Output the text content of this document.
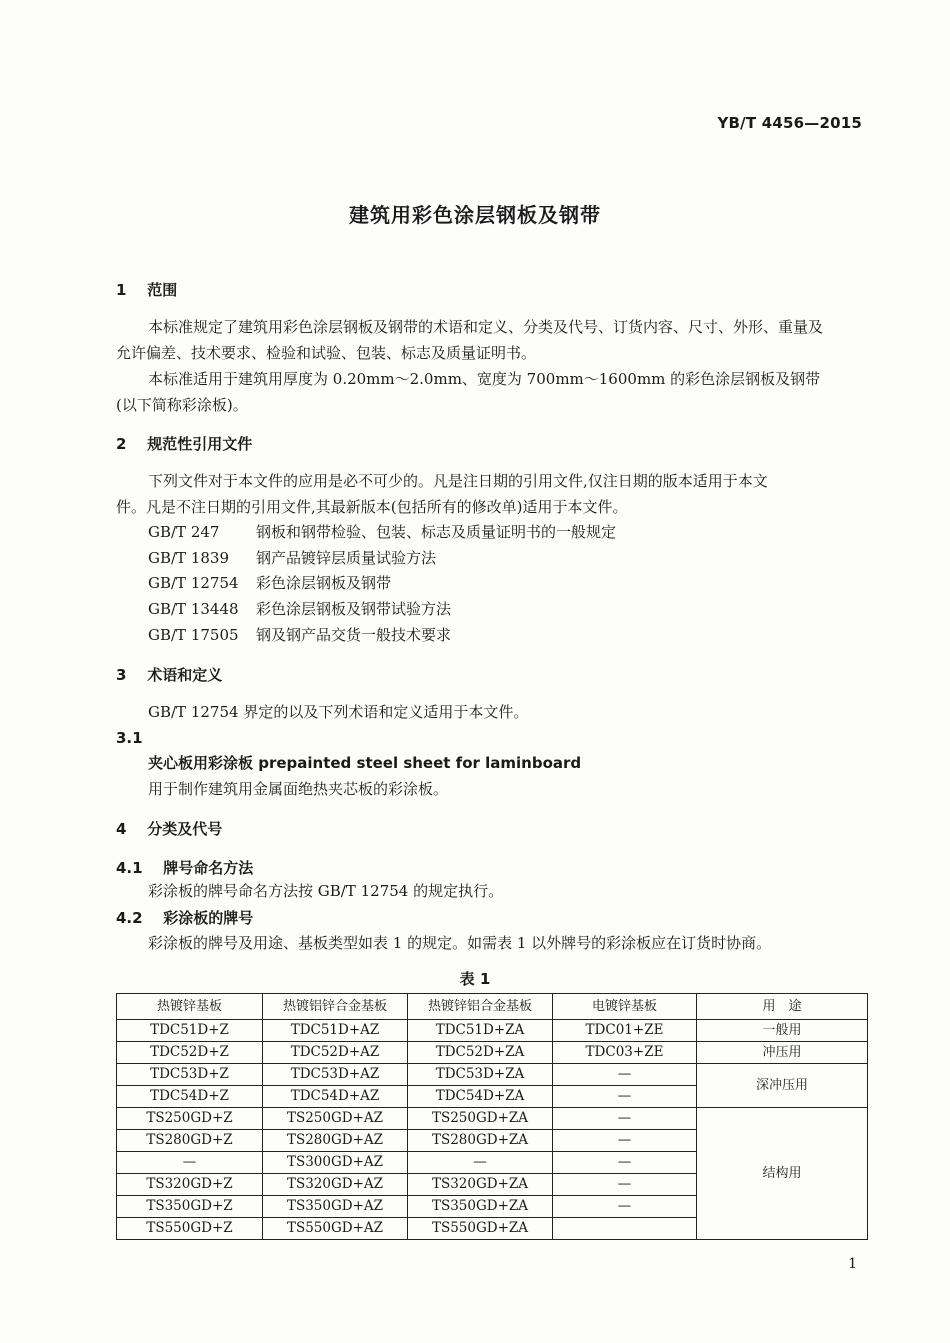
YB/T 4456—2015
建筑用彩色涂层钢板及钢带
1 范围
本标准规定了建筑用彩色涂层钢板及钢带的术语和定义、分类及代号、订货内容、尺寸、外形、重量及
允许偏差、技术要求、检验和试验、包装、标志及质量证明书。
本标准适用于建筑用厚度为 0.20mm～2.0mm、宽度为 700mm～1600mm 的彩色涂层钢板及钢带
(以下简称彩涂板)。
2 规范性引用文件
下列文件对于本文件的应用是必不可少的。凡是注日期的引用文件,仅注日期的版本适用于本文
件。凡是不注日期的引用文件,其最新版本(包括所有的修改单)适用于本文件。
GB/T 247 钢板和钢带检验、包装、标志及质量证明书的一般规定
GB/T 1839 钢产品镀锌层质量试验方法
GB/T 12754 彩色涂层钢板及钢带
GB/T 13448 彩色涂层钢板及钢带试验方法
GB/T 17505 钢及钢产品交货一般技术要求
3 术语和定义
GB/T 12754 界定的以及下列术语和定义适用于本文件。
3.1
夹心板用彩涂板 prepainted steel sheet for laminboard
用于制作建筑用金属面绝热夹芯板的彩涂板。
4 分类及代号
4.1 牌号命名方法
彩涂板的牌号命名方法按 GB/T 12754 的规定执行。
4.2 彩涂板的牌号
彩涂板的牌号及用途、基板类型如表 1 的规定。如需表 1 以外牌号的彩涂板应在订货时协商。
表 1
热镀锌基板	热镀铝锌合金基板	热镀锌铝合金基板	电镀锌基板	用　途
TDC51D+Z	TDC51D+AZ	TDC51D+ZA	TDC01+ZE	一般用
TDC52D+Z	TDC52D+AZ	TDC52D+ZA	TDC03+ZE	冲压用
TDC53D+Z	TDC53D+AZ	TDC53D+ZA	—	深冲压用
TDC54D+Z	TDC54D+AZ	TDC54D+ZA	—	
TS250GD+Z	TS250GD+AZ	TS250GD+ZA	—	结构用
TS280GD+Z	TS280GD+AZ	TS280GD+ZA	—	
—	TS300GD+AZ	—	—	
TS320GD+Z	TS320GD+AZ	TS320GD+ZA	—	
TS350GD+Z	TS350GD+AZ	TS350GD+ZA	—	
TS550GD+Z	TS550GD+AZ	TS550GD+ZA		
1
